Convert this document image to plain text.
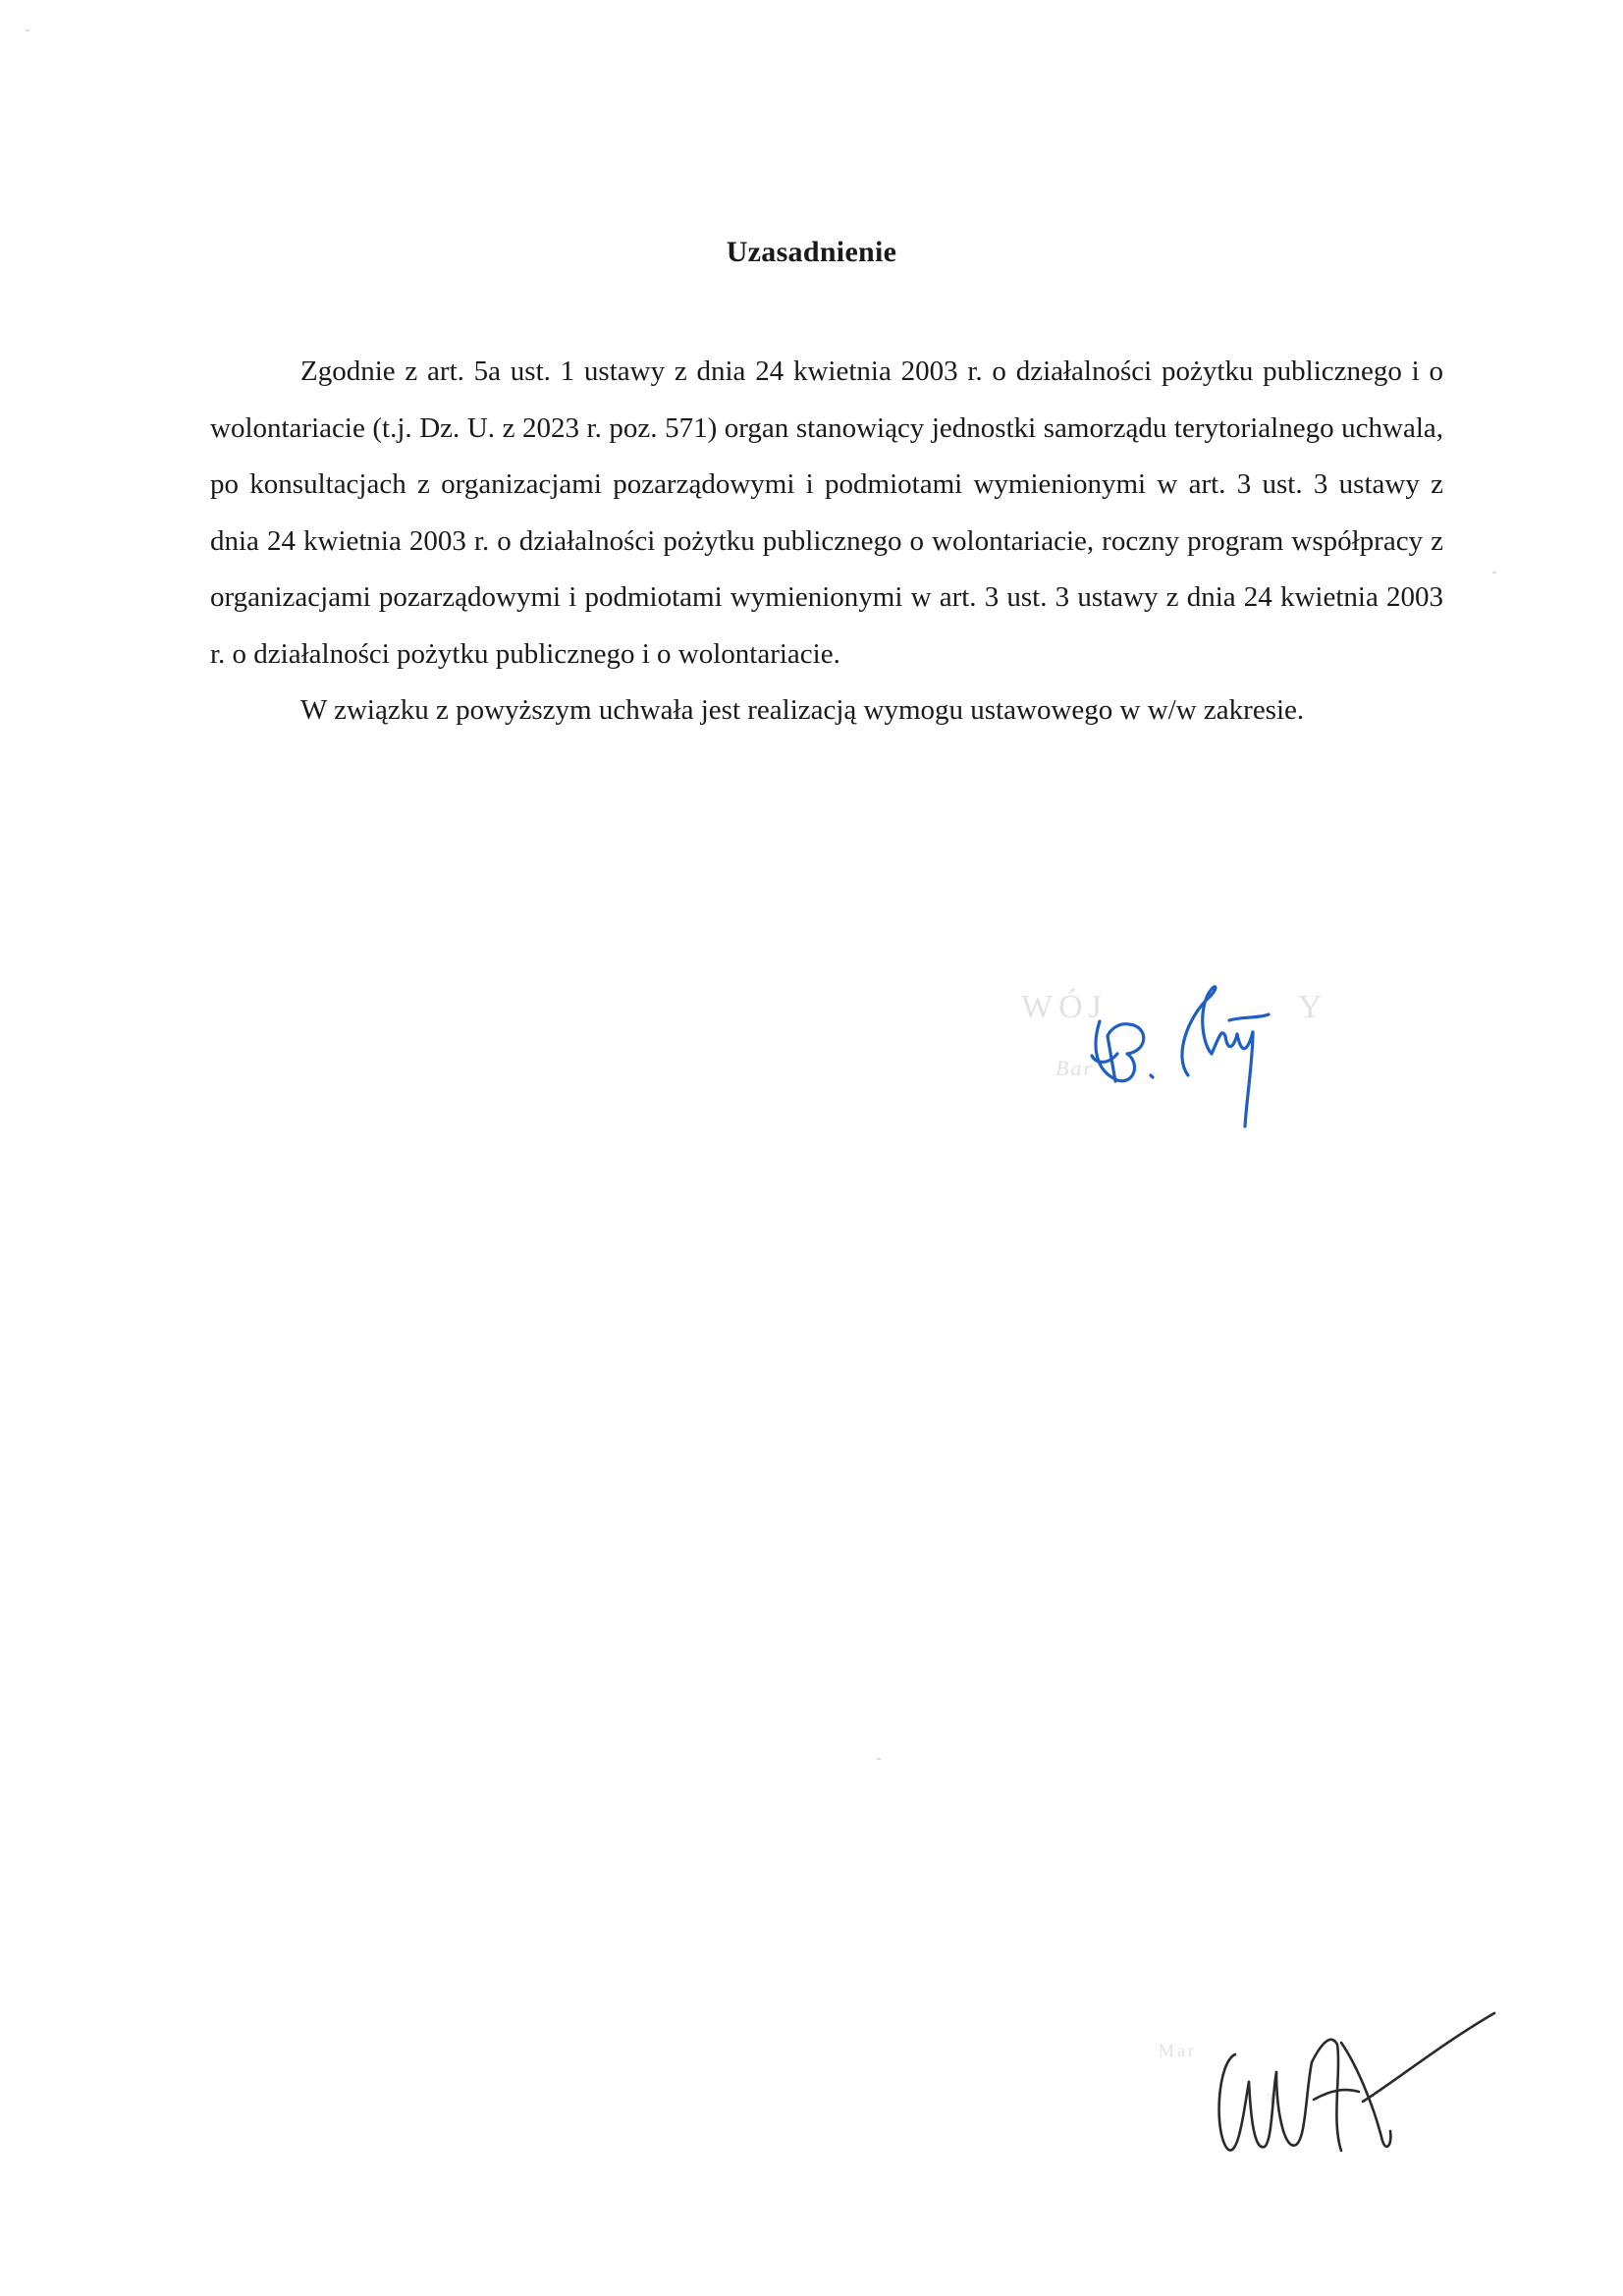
Uzasadnienie

Zgodnie z art. 5a ust. 1 ustawy z dnia 24 kwietnia 2003 r. o działalności pożytku publicznego i o wolontariacie (t.j. Dz. U. z 2023 r. poz. 571) organ stanowiący jednostki samorządu terytorialnego uchwala, po konsultacjach z organizacjami pozarządowymi i podmiotami wymienionymi w art. 3 ust. 3 ustawy z dnia 24 kwietnia 2003 r. o działalności pożytku publicznego o wolontariacie, roczny program współpracy z organizacjami pozarządowymi i podmiotami wymienionymi w art. 3 ust. 3 ustawy z dnia 24 kwietnia 2003 r. o działalności pożytku publicznego i o wolontariacie.

W związku z powyższym uchwała jest realizacją wymogu ustawowego w w/w zakresie.

WÓJ	Y
Bar
Mar
T
